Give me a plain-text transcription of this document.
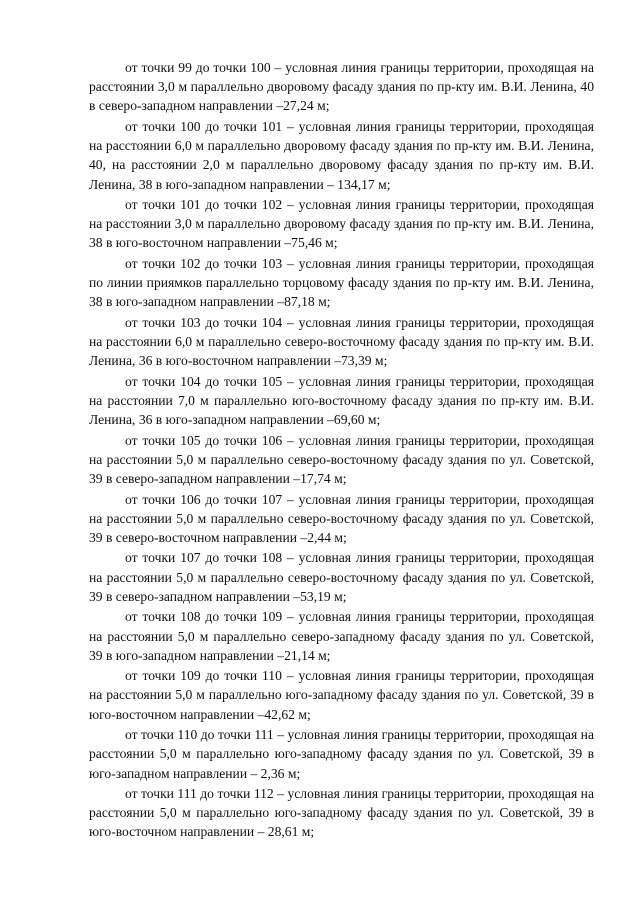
от точки 99 до точки 100 – условная линия границы территории, проходящая на расстоянии 3,0 м параллельно дворовому фасаду здания по пр-кту им. В.И. Ленина, 40 в северо-западном направлении –27,24 м;

от точки 100 до точки 101 – условная линия границы территории, проходящая на расстоянии 6,0 м параллельно дворовому фасаду здания по пр-кту им. В.И. Ленина, 40, на расстоянии 2,0 м параллельно дворовому фасаду здания по пр-кту им. В.И. Ленина, 38 в юго-западном направлении – 134,17 м;

от точки 101 до точки 102 – условная линия границы территории, проходящая на расстоянии 3,0 м параллельно дворовому фасаду здания по пр-кту им. В.И. Ленина, 38 в юго-восточном направлении –75,46 м;

от точки 102 до точки 103 – условная линия границы территории, проходящая по линии приямков параллельно торцовому фасаду здания по пр-кту им. В.И. Ленина, 38 в юго-западном направлении –87,18 м;

от точки 103 до точки 104 – условная линия границы территории, проходящая на расстоянии 6,0 м параллельно северо-восточному фасаду здания по пр-кту им. В.И. Ленина, 36 в юго-восточном направлении –73,39 м;

от точки 104 до точки 105 – условная линия границы территории, проходящая на расстоянии 7,0 м параллельно юго-восточному фасаду здания по пр-кту им. В.И. Ленина, 36 в юго-западном направлении –69,60 м;

от точки 105 до точки 106 – условная линия границы территории, проходящая на расстоянии 5,0 м параллельно северо-восточному фасаду здания по ул. Советской, 39 в северо-западном направлении –17,74 м;

от точки 106 до точки 107 – условная линия границы территории, проходящая на расстоянии 5,0 м параллельно северо-восточному фасаду здания по ул. Советской, 39 в северо-восточном направлении –2,44 м;

от точки 107 до точки 108 – условная линия границы территории, проходящая на расстоянии 5,0 м параллельно северо-восточному фасаду здания по ул. Советской, 39 в северо-западном направлении –53,19 м;

от точки 108 до точки 109 – условная линия границы территории, проходящая на расстоянии 5,0 м параллельно северо-западному фасаду здания по ул. Советской, 39 в юго-западном направлении –21,14 м;

от точки 109 до точки 110 – условная линия границы территории, проходящая на расстоянии 5,0 м параллельно юго-западному фасаду здания по ул. Советской, 39 в юго-восточном направлении –42,62 м;

от точки 110 до точки 111 – условная линия границы территории, проходящая на расстоянии 5,0 м параллельно юго-западному фасаду здания по ул. Советской, 39 в юго-западном направлении – 2,36 м;

от точки 111 до точки 112 – условная линия границы территории, проходящая на расстоянии 5,0 м параллельно юго-западному фасаду здания по ул. Советской, 39 в юго-восточном направлении – 28,61 м;
